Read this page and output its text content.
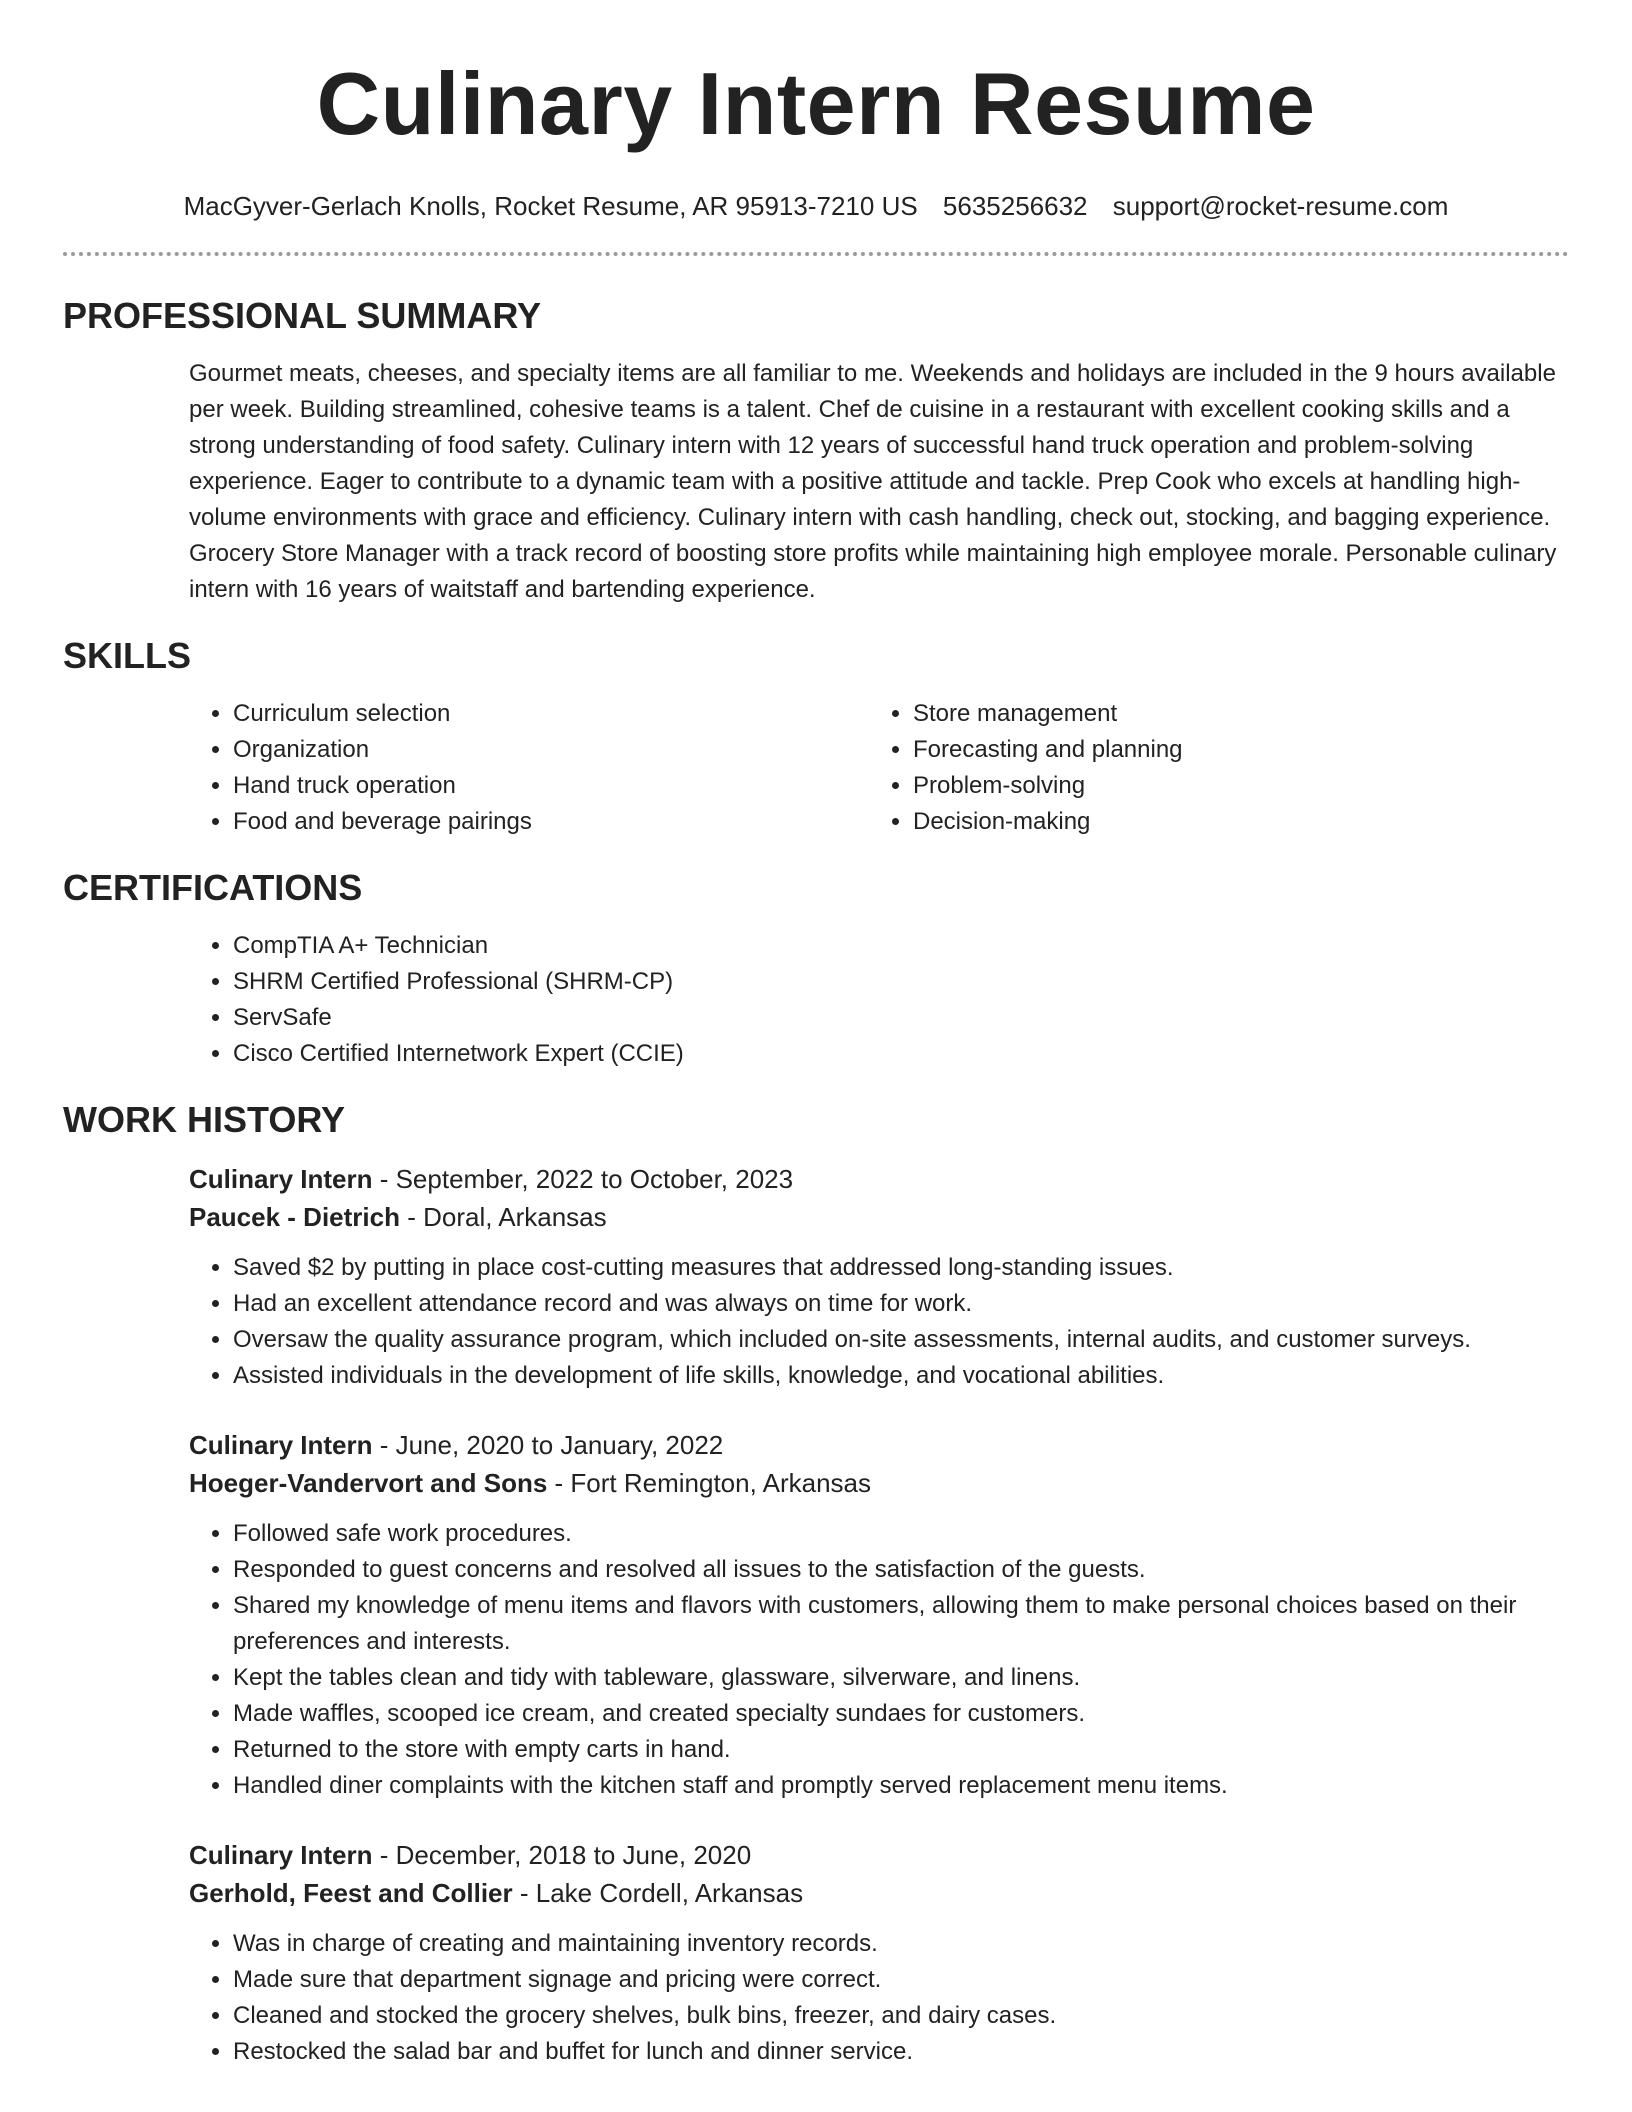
Culinary Intern Resume
MacGyver-Gerlach Knolls, Rocket Resume, AR 95913-7210 US 5635256632 support@rocket-resume.com
PROFESSIONAL SUMMARY

Gourmet meats, cheeses, and specialty items are all familiar to me. Weekends and holidays are included in the 9 hours available per week. Building streamlined, cohesive teams is a talent. Chef de cuisine in a restaurant with excellent cooking skills and a strong understanding of food safety. Culinary intern with 12 years of successful hand truck operation and problem-solving experience. Eager to contribute to a dynamic team with a positive attitude and tackle. Prep Cook who excels at handling high-volume environments with grace and efficiency. Culinary intern with cash handling, check out, stocking, and bagging experience. Grocery Store Manager with a track record of boosting store profits while maintaining high employee morale. Personable culinary intern with 16 years of waitstaff and bartending experience.

SKILLS
• Curriculum selection
• Organization
• Hand truck operation
• Food and beverage pairings
• Store management
• Forecasting and planning
• Problem-solving
• Decision-making
CERTIFICATIONS
• CompTIA A+ Technician
• SHRM Certified Professional (SHRM-CP)
• ServSafe
• Cisco Certified Internetwork Expert (CCIE)
WORK HISTORY

Culinary Intern - September, 2022 to October, 2023

Paucek - Dietrich - Doral, Arkansas

• Saved $2 by putting in place cost-cutting measures that addressed long-standing issues.
• Had an excellent attendance record and was always on time for work.
• Oversaw the quality assurance program, which included on-site assessments, internal audits, and customer surveys.
• Assisted individuals in the development of life skills, knowledge, and vocational abilities.

Culinary Intern - June, 2020 to January, 2022

Hoeger-Vandervort and Sons - Fort Remington, Arkansas

• Followed safe work procedures.
• Responded to guest concerns and resolved all issues to the satisfaction of the guests.
• Shared my knowledge of menu items and flavors with customers, allowing them to make personal choices based on their preferences and interests.
• Kept the tables clean and tidy with tableware, glassware, silverware, and linens.
• Made waffles, scooped ice cream, and created specialty sundaes for customers.
• Returned to the store with empty carts in hand.
• Handled diner complaints with the kitchen staff and promptly served replacement menu items.

Culinary Intern - December, 2018 to June, 2020

Gerhold, Feest and Collier - Lake Cordell, Arkansas

• Was in charge of creating and maintaining inventory records.
• Made sure that department signage and pricing were correct.
• Cleaned and stocked the grocery shelves, bulk bins, freezer, and dairy cases.
• Restocked the salad bar and buffet for lunch and dinner service.
